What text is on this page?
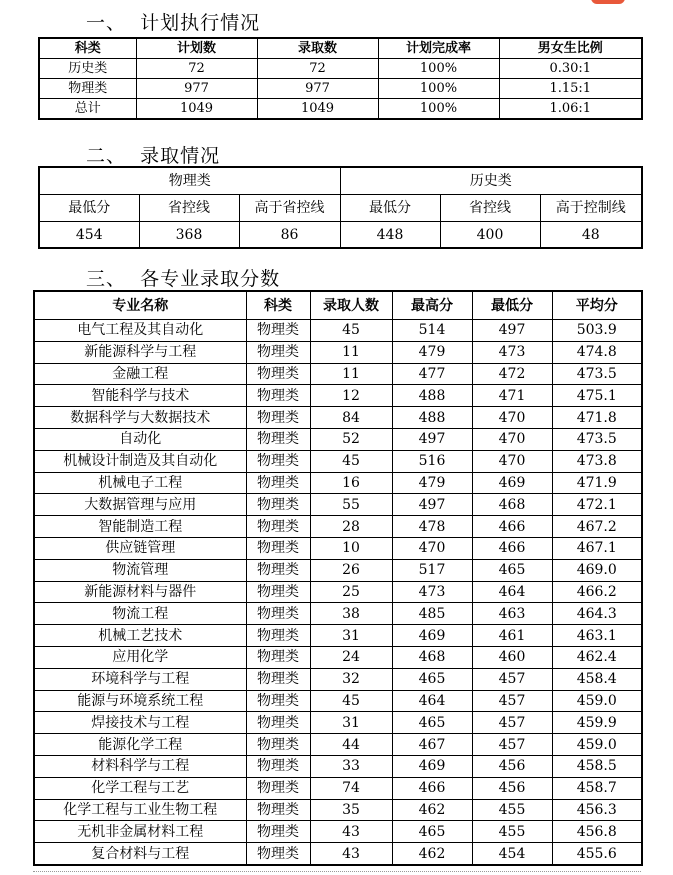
一、  计划执行情况
科类	计划数	录取数	计划完成率	男女生比例
历史类	72	72	100%	0.30:1
物理类	977	977	100%	1.15:1
总计	1049	1049	100%	1.06:1
二、  录取情况
物理类			历史类		
最低分	省控线	高于省控线	最低分	省控线	高于控制线
454	368	86	448	400	48
三、  各专业录取分数
专业名称	科类	录取人数	最高分	最低分	平均分
电气工程及其自动化	物理类	45	514	497	503.9
新能源科学与工程	物理类	11	479	473	474.8
金融工程	物理类	11	477	472	473.5
智能科学与技术	物理类	12	488	471	475.1
数据科学与大数据技术	物理类	84	488	470	471.8
自动化	物理类	52	497	470	473.5
机械设计制造及其自动化	物理类	45	516	470	473.8
机械电子工程	物理类	16	479	469	471.9
大数据管理与应用	物理类	55	497	468	472.1
智能制造工程	物理类	28	478	466	467.2
供应链管理	物理类	10	470	466	467.1
物流管理	物理类	26	517	465	469.0
新能源材料与器件	物理类	25	473	464	466.2
物流工程	物理类	38	485	463	464.3
机械工艺技术	物理类	31	469	461	463.1
应用化学	物理类	24	468	460	462.4
环境科学与工程	物理类	32	465	457	458.4
能源与环境系统工程	物理类	45	464	457	459.0
焊接技术与工程	物理类	31	465	457	459.9
能源化学工程	物理类	44	467	457	459.0
材料科学与工程	物理类	33	469	456	458.5
化学工程与工艺	物理类	74	466	456	458.7
化学工程与工业生物工程	物理类	35	462	455	456.3
无机非金属材料工程	物理类	43	465	455	456.8
复合材料与工程	物理类	43	462	454	455.6
